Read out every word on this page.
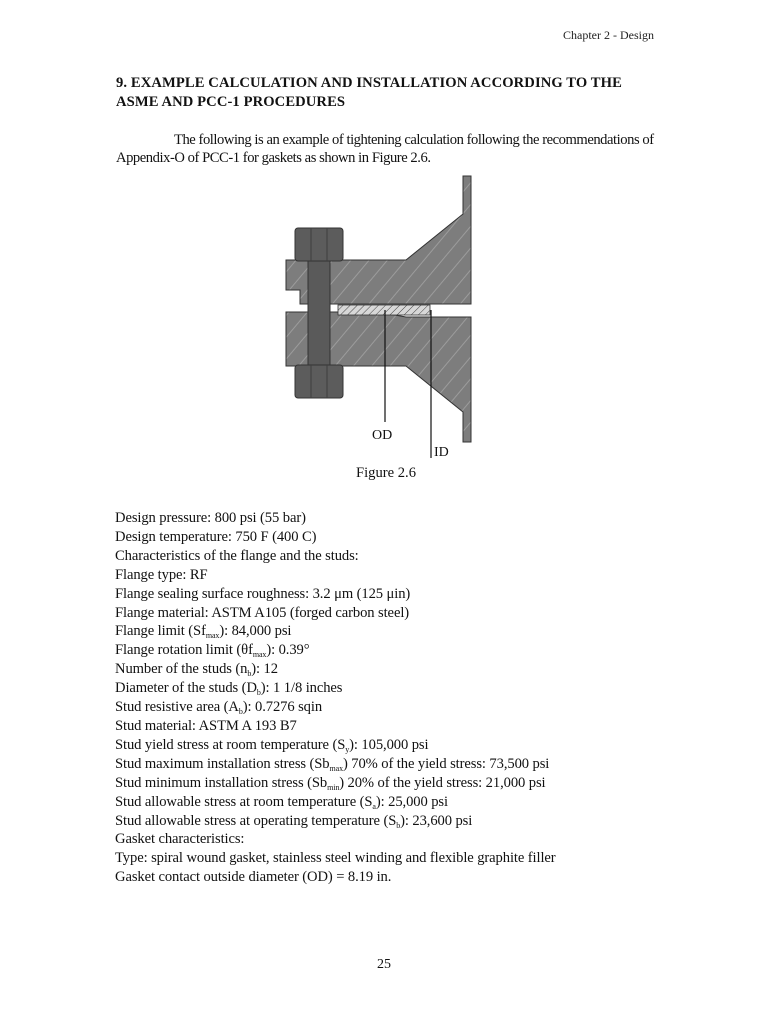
Chapter 2 - Design
9. EXAMPLE CALCULATION AND INSTALLATION ACCORDING TO THE ASME AND PCC-1 PROCEDURES
The following is an example of tightening calculation following the recommendations of Appendix-O of PCC-1 for gaskets as shown in Figure 2.6.
OD
ID
Figure 2.6
Design pressure: 800 psi (55 bar)
Design temperature: 750 F (400 C)
Characteristics of the flange and the studs:
Flange type: RF
Flange sealing surface roughness: 3.2 μm (125 μin)
Flange material: ASTM A105 (forged carbon steel)
Flange limit $(Sf_{max})$: 84,000 psi
Flange rotation limit $(\theta f_{max})$: 0.39°
Number of the studs $(n_b)$: 12
Diameter of the studs $(D_b)$: 1 1/8 inches
Stud resistive area $(A_b)$: 0.7276 sqin
Stud material: ASTM A 193 B7
Stud yield stress at room temperature $(S_y)$: 105,000 psi
Stud maximum installation stress $(Sb_{max})$ 70% of the yield stress: 73,500 psi
Stud minimum installation stress $(Sb_{min})$ 20% of the yield stress: 21,000 psi
Stud allowable stress at room temperature $(S_a)$: 25,000 psi
Stud allowable stress at operating temperature $(S_b)$: 23,600 psi
Gasket characteristics:
Type: spiral wound gasket, stainless steel winding and flexible graphite filler
Gasket contact outside diameter (OD) = 8.19 in.
25
